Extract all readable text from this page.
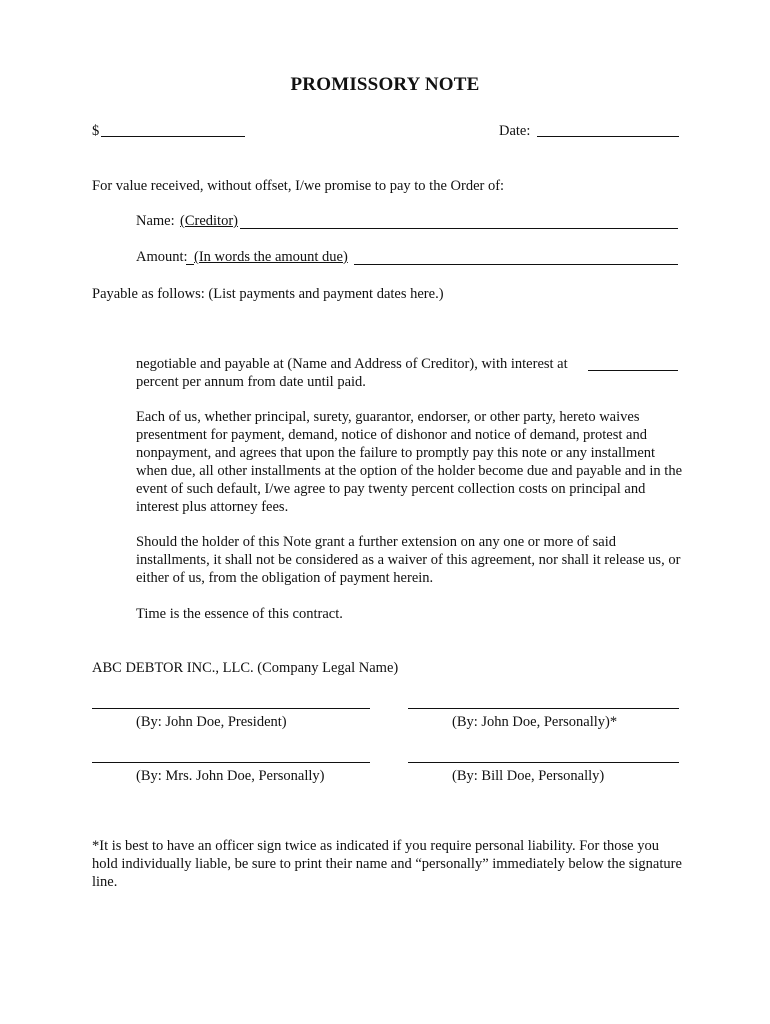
PROMISSORY NOTE
$	Date:
For value received, without offset, I/we promise to pay to the Order of:
Name: (Creditor)
Amount: (In words the amount due)
Payable as follows: (List payments and payment dates here.)
negotiable and payable at (Name and Address of Creditor), with interest at
percent per annum from date until paid.
Each of us, whether principal, surety, guarantor, endorser, or other party, hereto waives presentment for payment, demand, notice of dishonor and notice of demand, protest and nonpayment, and agrees that upon the failure to promptly pay this note or any installment when due, all other installments at the option of the holder become due and payable and in the event of such default, I/we agree to pay twenty percent collection costs on principal and interest plus attorney fees.
Should the holder of this Note grant a further extension on any one or more of said installments, it shall not be considered as a waiver of this agreement, nor shall it release us, or either of us, from the obligation of payment herein.
Time is the essence of this contract.
ABC DEBTOR INC., LLC. (Company Legal Name)
(By: John Doe, President)	(By: John Doe, Personally)*
(By: Mrs. John Doe, Personally)	(By: Bill Doe, Personally)
*It is best to have an officer sign twice as indicated if you require personal liability. For those you hold individually liable, be sure to print their name and “personally” immediately below the signature line.
